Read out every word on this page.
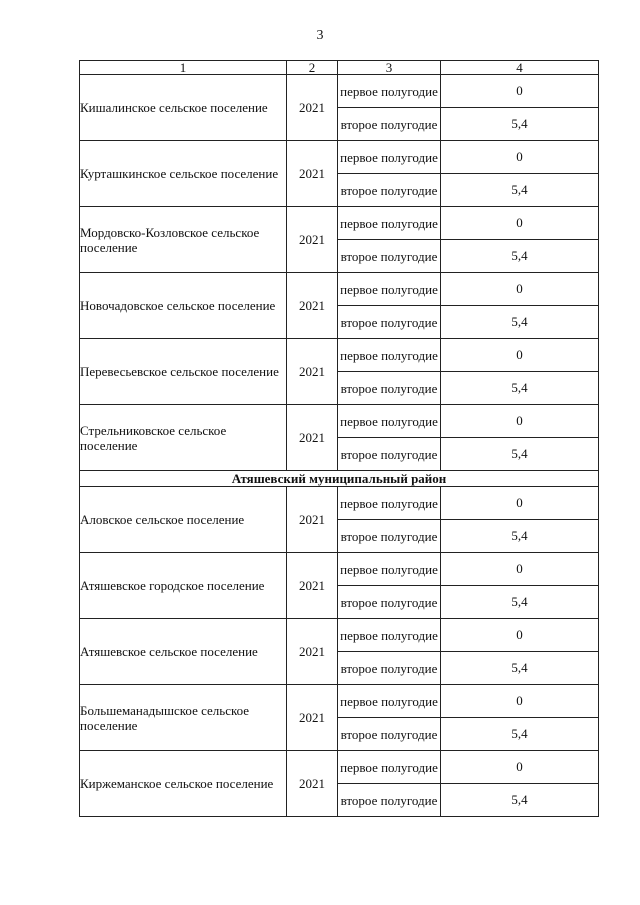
3
1	2	3	4
Кишалинское сельское поселение	2021	первое полугодие	0
		второе полугодие	5,4
Курташкинское сельское поселение	2021	первое полугодие	0
		второе полугодие	5,4
Мордовско-Козловское сельское поселение	2021	первое полугодие	0
		второе полугодие	5,4
Новочадовское сельское поселение	2021	первое полугодие	0
		второе полугодие	5,4
Перевесьевское сельское поселение	2021	первое полугодие	0
		второе полугодие	5,4
Стрельниковское сельское поселение	2021	первое полугодие	0
		второе полугодие	5,4
Атяшевский муниципальный район			
Аловское сельское поселение	2021	первое полугодие	0
		второе полугодие	5,4
Атяшевское городское поселение	2021	первое полугодие	0
		второе полугодие	5,4
Атяшевское сельское поселение	2021	первое полугодие	0
		второе полугодие	5,4
Большеманадышское сельское поселение	2021	первое полугодие	0
		второе полугодие	5,4
Киржеманское сельское поселение	2021	первое полугодие	0
		второе полугодие	5,4
